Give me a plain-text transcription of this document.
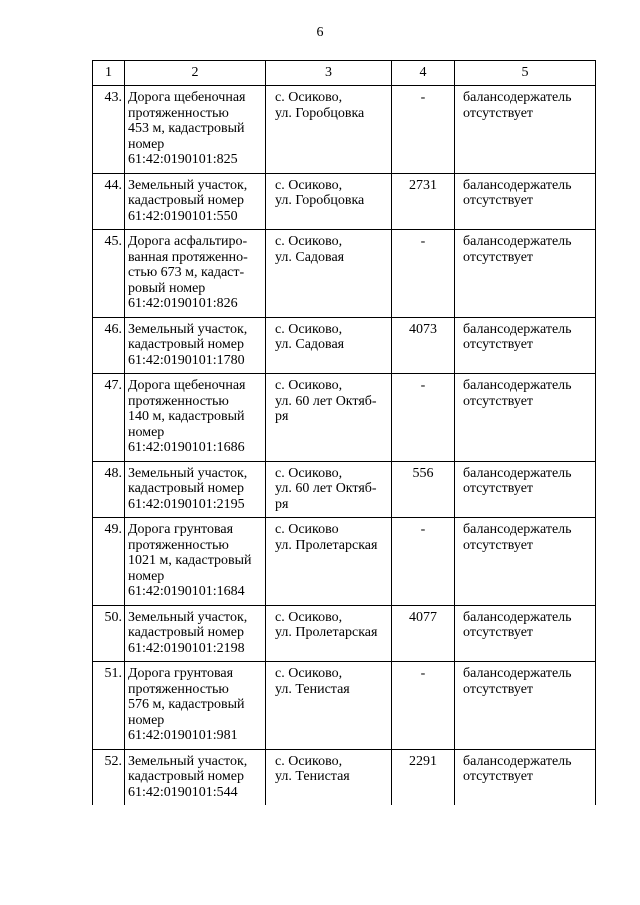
6
1	2	3	4	5
43.	Дорога щебеночная
протяженностью
453 м, кадастровый
номер
61:42:0190101:825	с. Осиково,
ул. Горобцовка	-	балансодержатель
отсутствует

44.	Земельный участок,
кадастровый номер
61:42:0190101:550	с. Осиково,
ул. Горобцовка	2731	балансодержатель
отсутствует

45.	Дорога асфальтиро-
ванная протяженно-
стью 673 м, кадаст-
ровый номер
61:42:0190101:826	с. Осиково,
ул. Садовая	-	балансодержатель
отсутствует

46.	Земельный участок,
кадастровый номер
61:42:0190101:1780	с. Осиково,
ул. Садовая	4073	балансодержатель
отсутствует

47.	Дорога щебеночная
протяженностью
140 м, кадастровый
номер
61:42:0190101:1686	с. Осиково,
ул. 60 лет Октяб-
ря	-	балансодержатель
отсутствует

48.	Земельный участок,
кадастровый номер
61:42:0190101:2195	с. Осиково,
ул. 60 лет Октяб-
ря	556	балансодержатель
отсутствует

49.	Дорога грунтовая
протяженностью
1021 м, кадастровый
номер
61:42:0190101:1684	с. Осиково
ул. Пролетарская	-	балансодержатель
отсутствует

50.	Земельный участок,
кадастровый номер
61:42:0190101:2198	с. Осиково,
ул. Пролетарская	4077	балансодержатель
отсутствует

51.	Дорога грунтовая
протяженностью
576 м, кадастровый
номер
61:42:0190101:981	с. Осиково,
ул. Тенистая	-	балансодержатель
отсутствует

52.	Земельный участок,
кадастровый номер
61:42:0190101:544	с. Осиково,
ул. Тенистая	2291	балансодержатель
отсутствует
